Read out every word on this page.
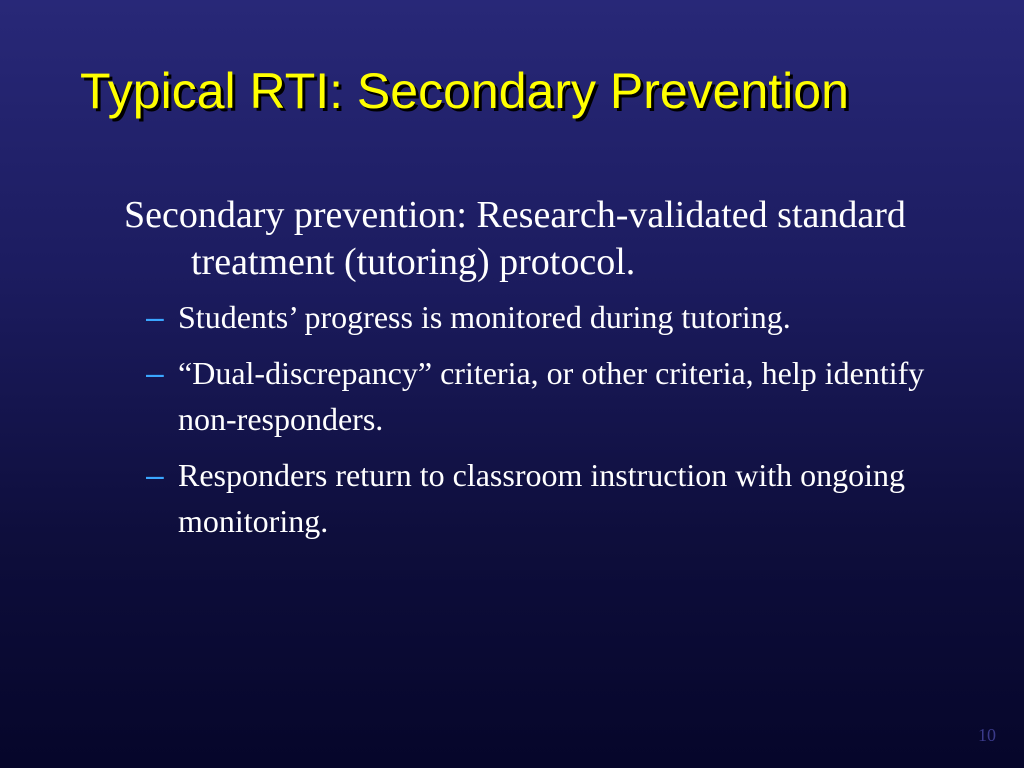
Typical RTI: Secondary Prevention

Secondary prevention: Research-validated standard treatment (tutoring) protocol.

– Students’ progress is monitored during tutoring.
– “Dual-discrepancy” criteria, or other criteria, help identify non-responders.
– Responders return to classroom instruction with ongoing monitoring.
10
